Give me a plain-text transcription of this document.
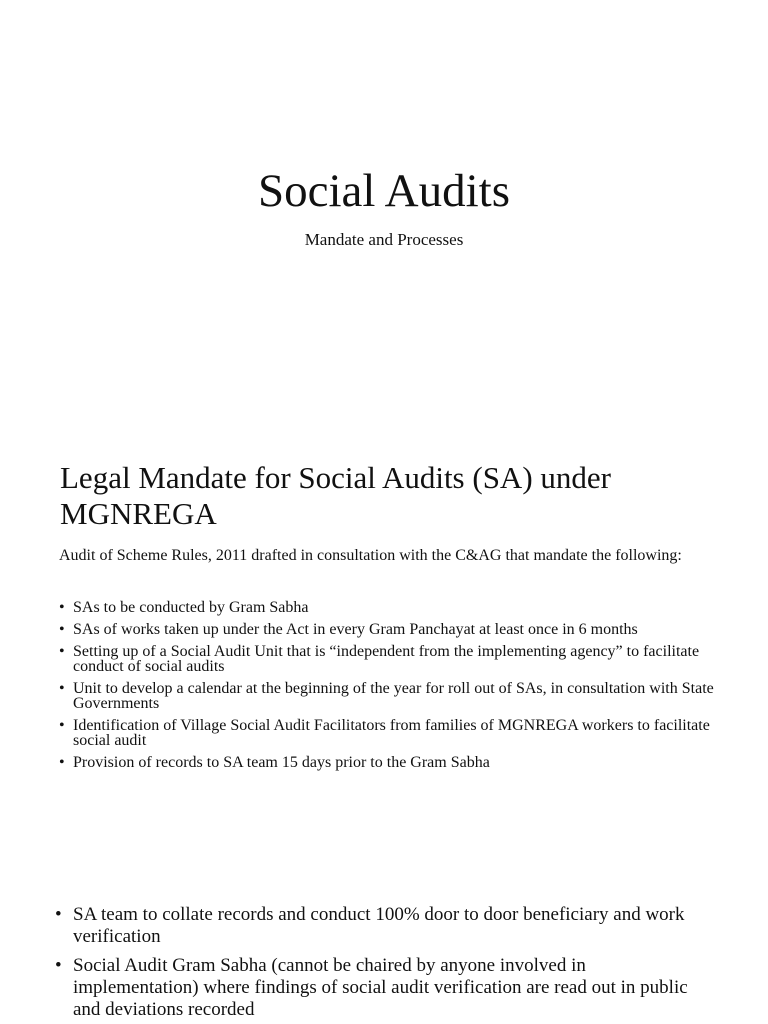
Social Audits

Mandate and Processes

Legal Mandate for Social Audits (SA) under MGNREGA

Audit of Scheme Rules, 2011 drafted in consultation with the C&AG that mandate the following:

• SAs to be conducted by Gram Sabha
• SAs of works taken up under the Act in every Gram Panchayat at least once in 6 months
• Setting up of a Social Audit Unit that is “independent from the implementing agency” to facilitate conduct of social audits
• Unit to develop a calendar at the beginning of the year for roll out of SAs, in consultation with State Governments
• Identification of Village Social Audit Facilitators from families of MGNREGA workers to facilitate social audit
• Provision of records to SA team 15 days prior to the Gram Sabha
• SA team to collate records and conduct 100% door to door beneficiary and work verification
• Social Audit Gram Sabha (cannot be chaired by anyone involved in implementation) where findings of social audit verification are read out in public and deviations recorded
